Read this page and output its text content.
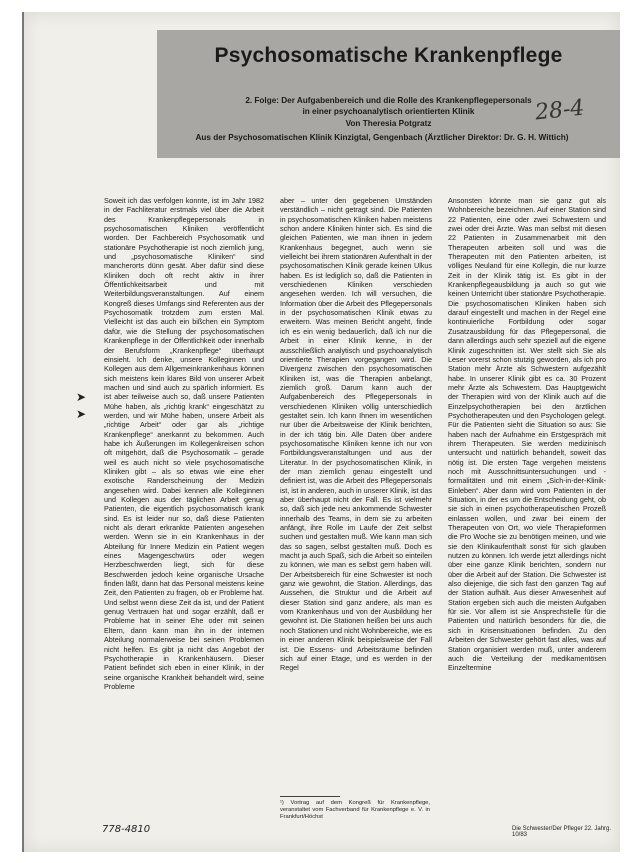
Psychosomatische Krankenpflege
2. Folge: Der Aufgabenbereich und die Rolle des Krankenpflegepersonals
in einer psychoanalytisch orientierten Klinik
Von Theresia Potgratz
Aus der Psychosomatischen Klinik Kinzigtal, Gengenbach (Ärztlicher Direktor: Dr. G. H. Wittich)
28-4
➤
➤

Soweit ich das verfolgen konnte, ist im Jahr 1982 in der Fachliteratur erstmals viel über die Arbeit des Krankenpflegepersonals in psychosomatischen Kliniken veröffentlicht worden. Der Fachbereich Psychosomatik und stationäre Psychotherapie ist noch ziemlich jung, und „psychosomatische Kliniken“ sind mancherorts dünn gesät. Aber dafür sind diese Kliniken doch oft recht aktiv in ihrer Öffentlichkeitsarbeit und mit Weiterbildungsveranstaltungen. Auf einem Kongreß dieses Umfangs sind Referenten aus der Psychosomatik trotzdem zum ersten Mal. Vielleicht ist das auch ein bißchen ein Symptom dafür, wie die Stellung der psychosomatischen Krankenpflege in der Öffentlichkeit oder innerhalb der Berufsform „Krankenpflege“ überhaupt einsieht. Ich denke, unsere Kolleginnen und Kollegen aus dem Allgemeinkrankenhaus können sich meistens kein klares Bild von unserer Arbeit machen und sind auch zu spärlich informiert. Es ist aber teilweise auch so, daß unsere Patienten Mühe haben, als „richtig krank“ eingeschätzt zu werden, und wir Mühe haben, unsere Arbeit als „richtige Arbeit“ oder gar als „richtige Krankenpflege“ anerkannt zu bekommen. Auch habe ich Äußerungen im Kollegenkreisen schon oft mitgehört, daß die Psychosomatik – gerade weil es auch nicht so viele psychosomatische Kliniken gibt – als so etwas wie eine eher exotische Randerscheinung der Medizin angesehen wird. Dabei kennen alle Kolleginnen und Kollegen aus der täglichen Arbeit genug Patienten, die eigentlich psychosomatisch krank sind. Es ist leider nur so, daß diese Patienten nicht als derart erkrankte Patienten angesehen werden. Wenn sie in ein Krankenhaus in der Abteilung für Innere Medizin ein Patient wegen eines Magengeschwürs oder wegen Herzbeschwerden liegt, sich für diese Beschwerden jedoch keine organische Ursache finden läßt, dann hat das Personal meistens keine Zeit, den Patienten zu fragen, ob er Probleme hat. Und selbst wenn diese Zeit da ist, und der Patient genug Vertrauen hat und sogar erzählt, daß er Probleme hat in seiner Ehe oder mit seinen Eltern, dann kann man ihn in der internen Abteilung normalerweise bei seinen Problemen nicht helfen. Es gibt ja nicht das Angebot der Psychotherapie in Krankenhäusern. Dieser Patient befindet sich eben in einer Klinik, in der seine organische Krankheit behandelt wird, seine Probleme

aber – unter den gegebenen Umständen verständlich – nicht getragt sind. Die Patienten in psychosomatischen Kliniken haben meistens schon andere Kliniken hinter sich. Es sind die gleichen Patienten, wie man ihnen in jedem Krankenhaus begegnet, auch wenn sie vielleicht bei ihrem stationären Aufenthalt in der psychosomatischen Klinik gerade keinen Ulkus haben. Es ist lediglich so, daß die Patienten in verschiedenen Kliniken verschieden angesehen werden. Ich will versuchen, die Information über die Arbeit des Pflegepersonals in der psychosomatischen Klinik etwas zu erweitern. Was meinen Bericht angeht, finde ich es ein wenig bedauerlich, daß ich nur die Arbeit in einer Klinik kenne, in der ausschließlich analytisch und psychoanalytisch orientierte Therapien vorgegangen wird. Die Divergenz zwischen den psychosomatischen Kliniken ist, was die Therapien anbelangt, ziemlich groß. Darum kann auch der Aufgabenbereich des Pflegepersonals in verschiedenen Kliniken völlig unterschiedlich gestaltet sein. Ich kann Ihnen im wesentlichen nur über die Arbeitsweise der Klinik berichten, in der ich tätig bin. Alle Daten über andere psychosomatische Kliniken kenne ich nur von Fortbildungsveranstaltungen und aus der Literatur. In der psychosomatischen Klinik, in der man ziemlich genau eingestellt und definiert ist, was die Arbeit des Pflegepersonals ist, ist in anderen, auch in unserer Klinik, ist das aber überhaupt nicht der Fall. Es ist vielmehr so, daß sich jede neu ankommende Schwester innerhalb des Teams, in dem sie zu arbeiten anfängt, ihre Rolle im Laufe der Zeit selbst suchen und gestalten muß. Wie kann man sich das so sagen, selbst gestalten muß. Doch es macht ja auch Spaß, sich die Arbeit so einteilen zu können, wie man es selbst gern haben will. Der Arbeitsbereich für eine Schwester ist noch ganz wie gewohnt, die Station. Allerdings, das Aussehen, die Struktur und die Arbeit auf dieser Station sind ganz andere, als man es vom Krankenhaus und von der Ausbildung her gewohnt ist. Die Stationen heißen bei uns auch noch Stationen und nicht Wohnbereiche, wie es in einer anderen Klinik beispielsweise der Fall ist. Die Essens- und Arbeitsräume befinden sich auf einer Etage, und es werden in der Regel

¹) Vortrag auf dem Kongreß für Krankenpflege, veranstaltet vom Fachverband für Krankenpflege e. V. in Frankfurt/Höchst

Ansonsten könnte man sie ganz gut als Wohnbereiche bezeichnen. Auf einer Station sind 22 Patienten, eine oder zwei Schwestern und zwei oder drei Ärzte. Was man selbst mit diesen 22 Patienten in Zusammenarbeit mit den Therapeuten arbeiten soll und was die Therapeuten mit den Patienten arbeiten, ist völliges Neuland für eine Kollegin, die nur kurze Zeit in der Klinik tätig ist. Es gibt in der Krankenpflegeausbildung ja auch so gut wie keinen Unterricht über stationäre Psychotherapie. Die psychosomatischen Kliniken haben sich darauf eingestellt und machen in der Regel eine kontinuierliche Fortbildung oder sogar Zusatzausbildung für das Pflegepersonal, die dann allerdings auch sehr speziell auf die eigene Klinik zugeschnitten ist. Wer stellt sich Sie als Leser vorerst schon stutzig geworden, als ich pro Station mehr Ärzte als Schwestern aufgezählt habe. In unserer Klinik gibt es ca. 30 Prozent mehr Ärzte als Schwestern. Das Hauptgewicht der Therapien wird von der Klinik auch auf die Einzelpsychotherapien bei den ärztlichen Psychotherapeuten und den Psychologen gelegt. Für die Patienten sieht die Situation so aus: Sie haben nach der Aufnahme ein Erstgespräch mit ihrem Therapeuten. Sie werden medizinisch untersucht und natürlich behandelt, soweit das nötig ist. Die ersten Tage vergehen meistens noch mit Ausschnittsuntersuchungen und -formalitäten und mit einem „Sich-in-der-Klinik-Einleben“. Aber dann wird vom Patienten in der Situation, in der es um die Entscheidung geht, ob sie sich in einen psychotherapeutischen Prozeß einlassen wollen, und zwar bei einem der Therapeuten von Ort, wo viele Therapieformen die Pro Woche sie zu benötigen meinen, und wie sie den Klinikaufenthalt sonst für sich glauben nutzen zu können. Ich werde jetzt allerdings nicht über eine ganze Klinik berichten, sondern nur über die Arbeit auf der Station. Die Schwester ist also diejenige, die sich fast den ganzen Tag auf der Station aufhält. Aus dieser Anwesenheit auf Station ergeben sich auch die meisten Aufgaben für sie. Vor allem ist sie Ansprechstelle für die Patienten und natürlich besonders für die, die sich in Krisensituationen befinden. Zu den Arbeiten der Schwester gehört fast alles, was auf Station organisiert werden muß, unter anderem auch die Verteilung der medikamentösen Einzeltermine

778-4810	Die Schwester/Der Pfleger 22. Jahrg. 10/83
